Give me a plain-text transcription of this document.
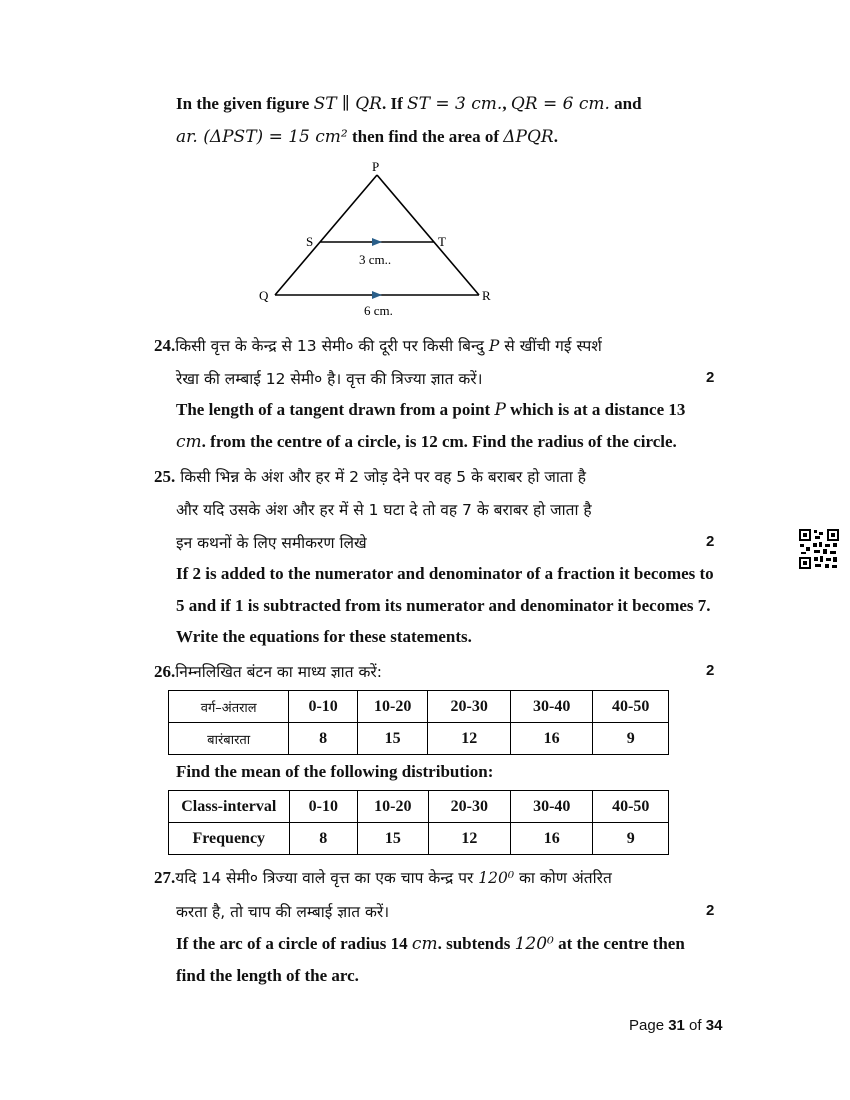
In the given figure ST ∥ QR. If ST = 3 cm., QR = 6 cm. and
ar. (ΔPST) = 15 cm² then find the area of ΔPQR.
P
S	T
Q	R
3 cm..
6 cm.
24.किसी वृत्त के केन्द्र से 13 सेमी० की दूरी पर किसी बिन्दु P से खींची गई स्पर्श
रेखा की लम्बाई 12 सेमी० है। वृत्त की त्रिज्या ज्ञात करें।	2
The length of a tangent drawn from a point P which is at a distance 13
cm. from the centre of a circle, is 12 cm. Find the radius of the circle.
25. किसी भिन्न के अंश और हर में 2 जोड़ देने पर वह 5 के बराबर हो जाता है
और यदि उसके अंश और हर में से 1 घटा दे तो वह 7 के बराबर हो जाता है
इन कथनों के लिए समीकरण लिखे	2
If 2 is added to the numerator and denominator of a fraction it becomes to
5 and if 1 is subtracted from its numerator and denominator it becomes 7.
Write the equations for these statements.
26.निम्नलिखित बंटन का माध्य ज्ञात करें:	2
वर्ग–अंतराल	0-10	10-20	20-30	30-40	40-50
बारंबारता	8	15	12	16	9
Find the mean of the following distribution:
Class-interval	0-10	10-20	20-30	30-40	40-50
Frequency	8	15	12	16	9
27.यदि 14 सेमी० त्रिज्या वाले वृत्त का एक चाप केन्द्र पर 120⁰ का कोण अंतरित
करता है, तो चाप की लम्बाई ज्ञात करें।	2
If the arc of a circle of radius 14 cm. subtends 120⁰ at the centre then
find the length of the arc.
Page 31 of 34
